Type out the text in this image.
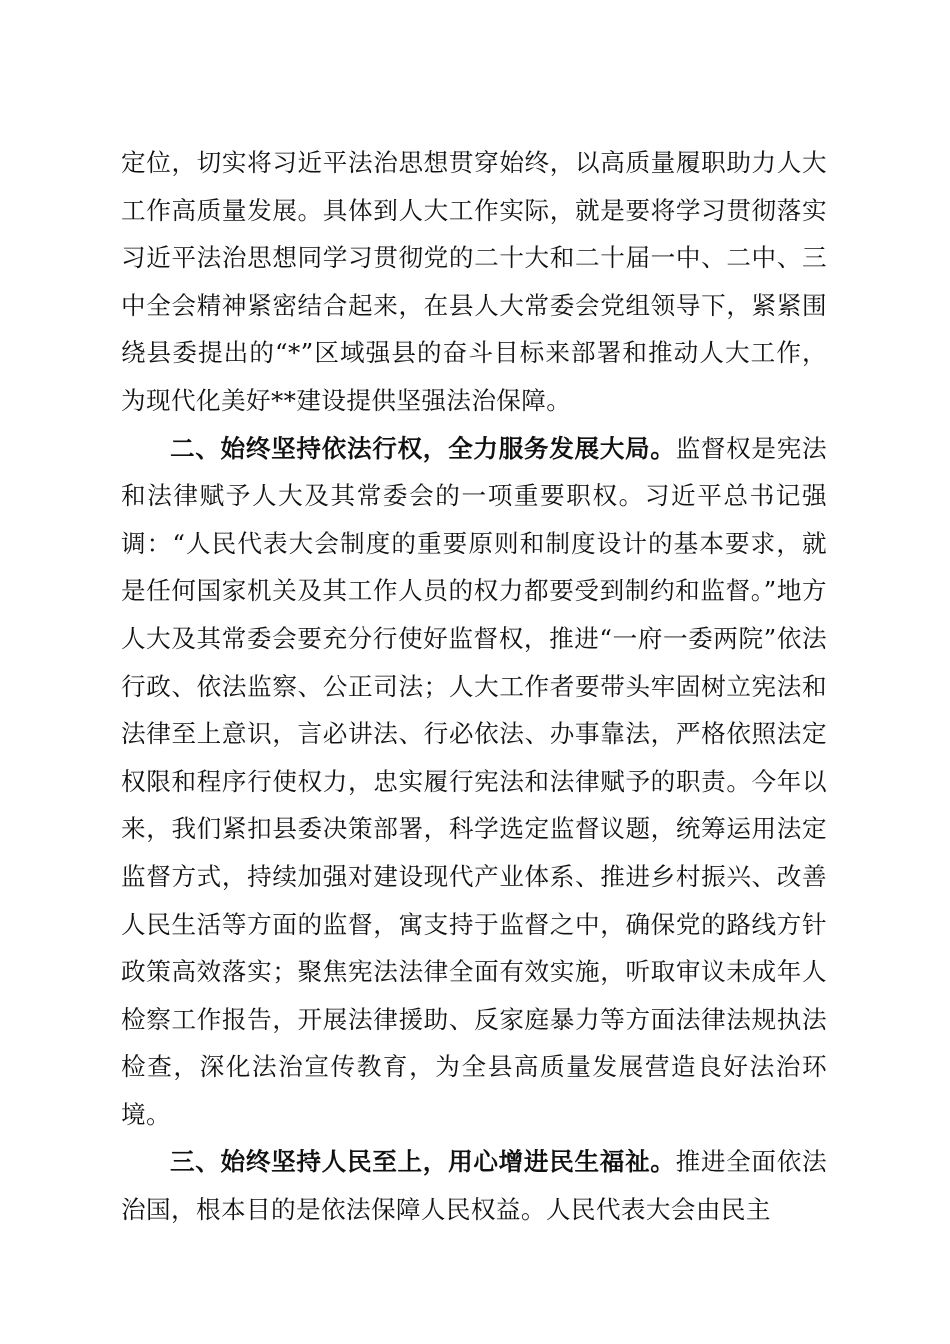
定位，切实将习近平法治思想贯穿始终，以高质量履职助力人大工作高质量发展。具体到人大工作实际，就是要将学习贯彻落实习近平法治思想同学习贯彻党的二十大和二十届一中、二中、三中全会精神紧密结合起来，在县人大常委会党组领导下，紧紧围绕县委提出的“*”区域强县的奋斗目标来部署和推动人大工作，为现代化美好**建设提供坚强法治保障。

二、始终坚持依法行权，全力服务发展大局。监督权是宪法和法律赋予人大及其常委会的一项重要职权。习近平总书记强调：“人民代表大会制度的重要原则和制度设计的基本要求，就是任何国家机关及其工作人员的权力都要受到制约和监督。”地方人大及其常委会要充分行使好监督权，推进“一府一委两院”依法行政、依法监察、公正司法；人大工作者要带头牢固树立宪法和法律至上意识，言必讲法、行必依法、办事靠法，严格依照法定权限和程序行使权力，忠实履行宪法和法律赋予的职责。今年以来，我们紧扣县委决策部署，科学选定监督议题，统筹运用法定监督方式，持续加强对建设现代产业体系、推进乡村振兴、改善人民生活等方面的监督，寓支持于监督之中，确保党的路线方针政策高效落实；聚焦宪法法律全面有效实施，听取审议未成年人检察工作报告，开展法律援助、反家庭暴力等方面法律法规执法检查，深化法治宣传教育，为全县高质量发展营造良好法治环境。

三、始终坚持人民至上，用心增进民生福祉。推进全面依法治国，根本目的是依法保障人民权益。人民代表大会由民主
